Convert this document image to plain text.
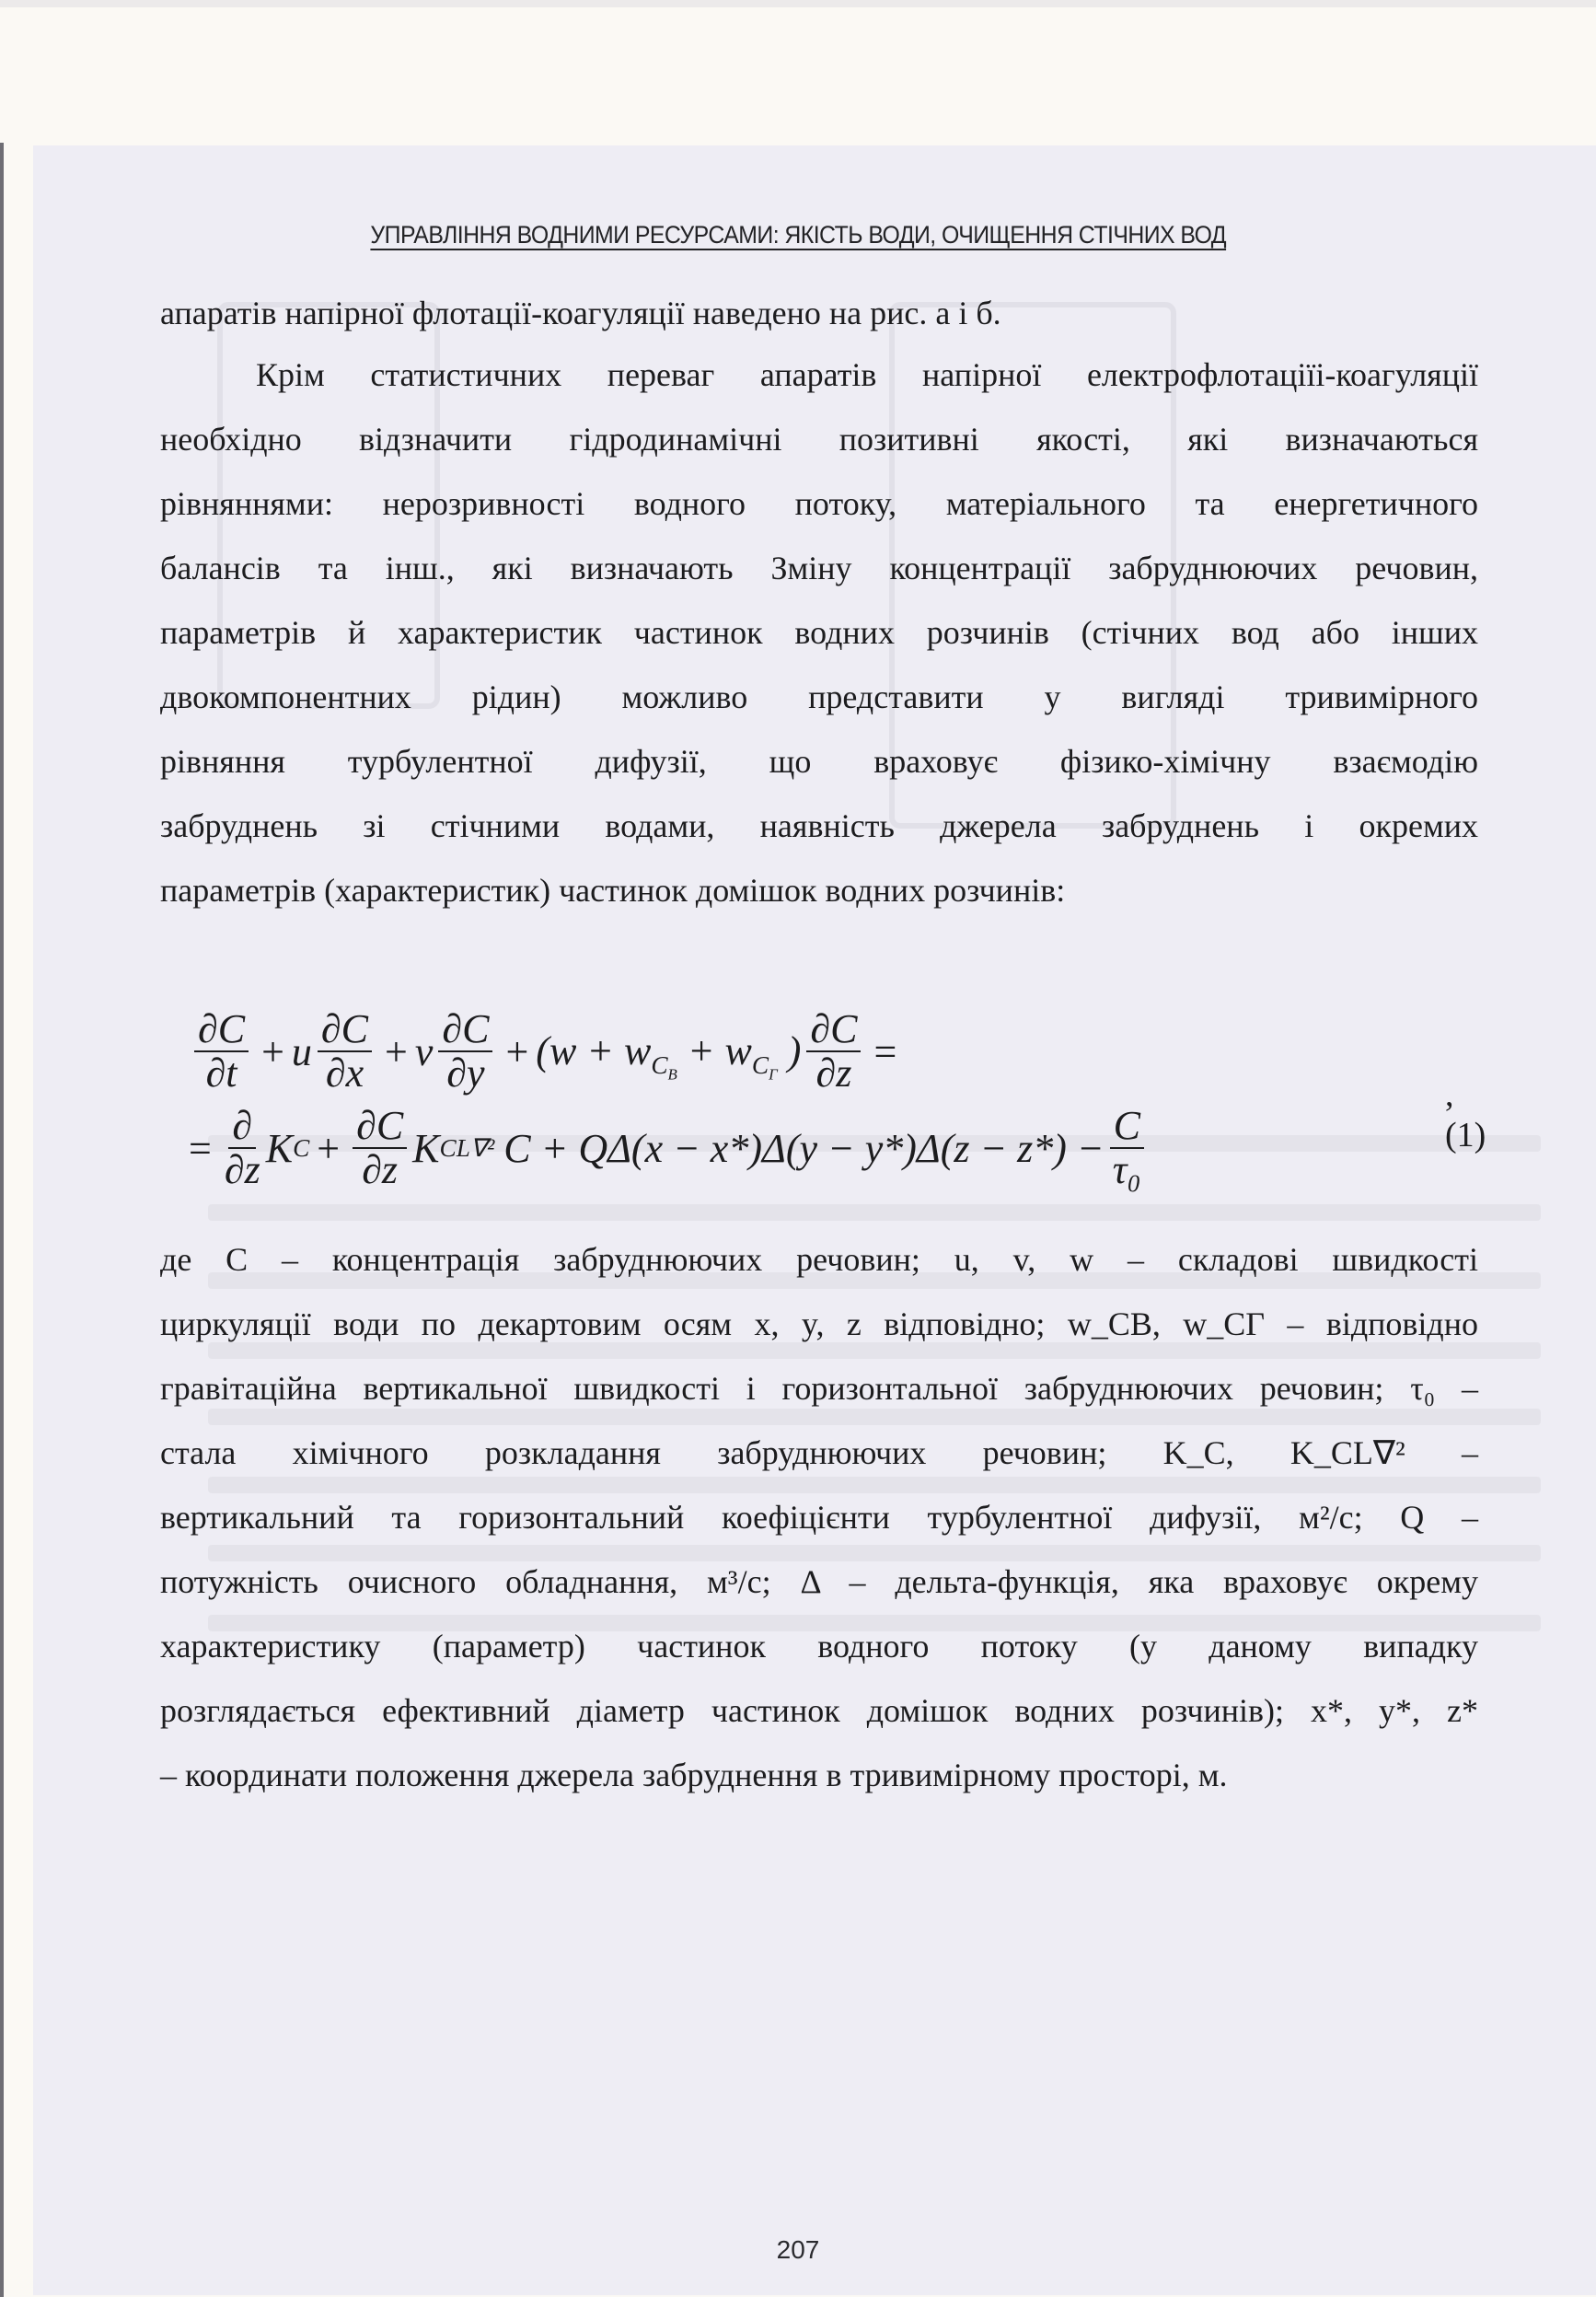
УПРАВЛІННЯ ВОДНИМИ РЕСУРСАМИ: ЯКІСТЬ ВОДИ, ОЧИЩЕННЯ СТІЧНИХ ВОД
апаратів напірної флотації-коагуляції наведено на рис. а і б.
Крім статистичних переваг апаратів напірної електрофлотаціїі-коагуляції
необхідно відзначити гідродинамічні позитивні якості, які визначаються
рівняннями: нерозривності водного потоку, матеріального та енергетичного
балансів та інш., які визначають Зміну концентрації забруднюючих речовин,
параметрів й характеристик частинок водних розчинів (стічних вод або інших
двокомпонентних рідин) можливо представити у вигляді тривимірного
рівняння турбулентної дифузії, що враховує фізико-хімічну взаємодію
забруднень зі стічними водами, наявність джерела забруднень і окремих
параметрів (характеристик) частинок домішок водних розчинів:
$\frac{\partial C}{\partial t} + u \frac{\partial C}{\partial x} + v \frac{\partial C}{\partial y} + (w + w_{C_В} + w_{C_Г}$ ) $\frac{\partial C}{\partial z}$ =
= $\frac{\partial}{\partial z}$ K $C + \frac{\partial C}{\partial z}$ K CL∇² $C + Q\Delta(x - x*)\Delta(y - y*)\Delta(z - z*) - \frac{C}{\text{τ₀}}$
, (1)
де C – концентрація забруднюючих речовин; u, v, w – складові швидкості
циркуляції води по декартовим осям x, y, z відповідно; w_CВ, w_CГ – відповідно
гравітаційна вертикальної швидкості і горизонтальної забруднюючих речовин; τ₀ –
стала хімічного розкладання забруднюючих речовин; K_C, K_CL∇² –
вертикальний та горизонтальний коефіцієнти турбулентної дифузії, м²/с; Q –
потужність очисного обладнання, м³/с; Δ – дельта-функція, яка враховує окрему
характеристику (параметр) частинок водного потоку (у даному випадку
розглядається ефективний діаметр частинок домішок водних розчинів); x*, y*, z*
– координати положення джерела забруднення в тривимірному просторі, м.
207
